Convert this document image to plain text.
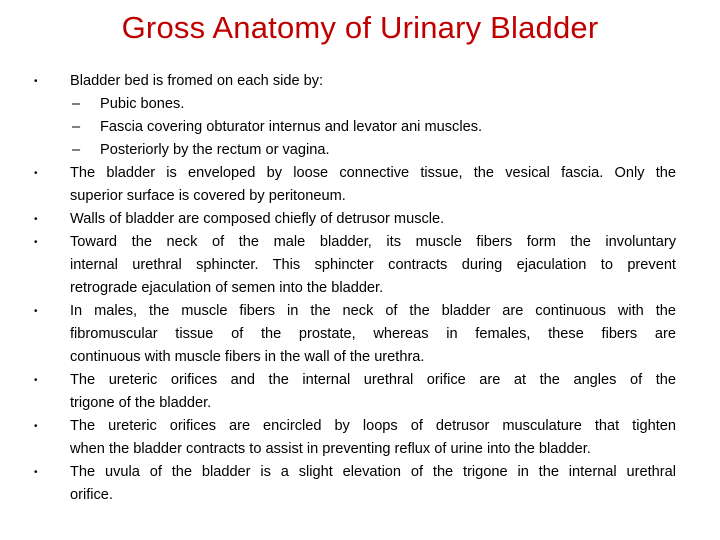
Gross Anatomy of Urinary Bladder
• Bladder bed is fromed on each side by:
– Pubic bones.
– Fascia covering obturator internus and levator ani muscles.
– Posteriorly by the rectum or vagina.
• The bladder is enveloped by loose connective tissue, the vesical fascia. Only the
superior surface is covered by peritoneum.
• Walls of bladder are composed chiefly of detrusor muscle.
• Toward the neck of the male bladder, its muscle fibers form the involuntary
internal urethral sphincter. This sphincter contracts during ejaculation to prevent
retrograde ejaculation of semen into the bladder.
• In males, the muscle fibers in the neck of the bladder are continuous with the
fibromuscular tissue of the prostate, whereas in females, these fibers are
continuous with muscle fibers in the wall of the urethra.
• The ureteric orifices and the internal urethral orifice are at the angles of the
trigone of the bladder.
• The ureteric orifices are encircled by loops of detrusor musculature that tighten
when the bladder contracts to assist in preventing reflux of urine into the bladder.
• The uvula of the bladder is a slight elevation of the trigone in the internal urethral
orifice.
